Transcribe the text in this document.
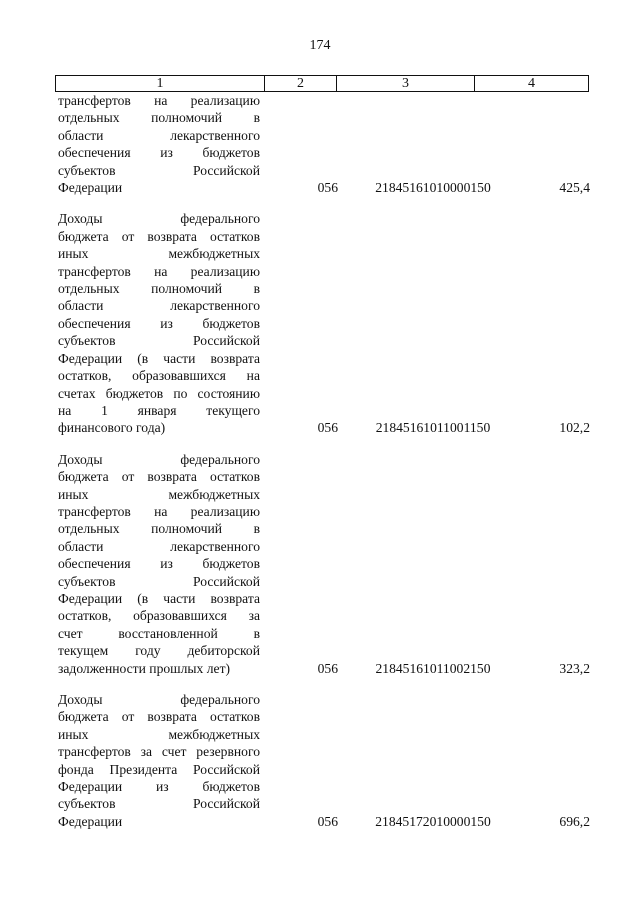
174
1	2	3	4
трансфертов на реализацию
отдельных полномочий в
области лекарственного
обеспечения из бюджетов
субъектов Российской
Федерации	056	21845161010000150	425,4
Доходы федерального
бюджета от возврата остатков
иных межбюджетных
трансфертов на реализацию
отдельных полномочий в
области лекарственного
обеспечения из бюджетов
субъектов Российской
Федерации (в части возврата
остатков, образовавшихся на
счетах бюджетов по состоянию
на 1 января текущего
финансового года)	056	21845161011001150	102,2
Доходы федерального
бюджета от возврата остатков
иных межбюджетных
трансфертов на реализацию
отдельных полномочий в
области лекарственного
обеспечения из бюджетов
субъектов Российской
Федерации (в части возврата
остатков, образовавшихся за
счет восстановленной в
текущем году дебиторской
задолженности прошлых лет)	056	21845161011002150	323,2
Доходы федерального
бюджета от возврата остатков
иных межбюджетных
трансфертов за счет резервного
фонда Президента Российской
Федерации из бюджетов
субъектов Российской
Федерации	056	21845172010000150	696,2
